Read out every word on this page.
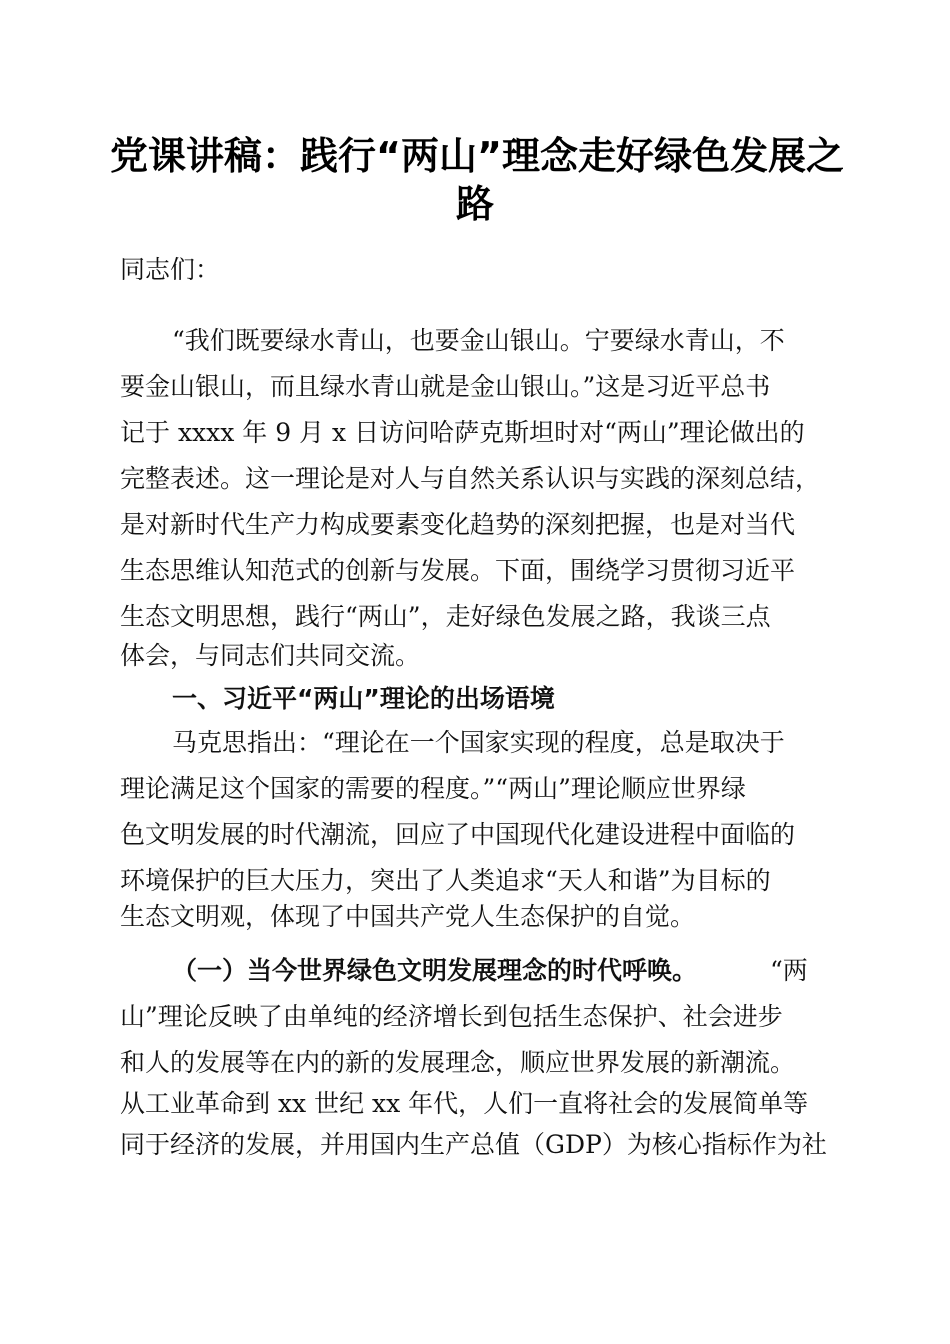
党课讲稿：践行“两山”理念走好绿色发展之
路
同志们：
“我们既要绿水青山，也要金山银山。宁要绿水青山，不
要金山银山，而且绿水青山就是金山银山。”这是习近平总书
记于 xxxx 年 9 月 x 日访问哈萨克斯坦时对“两山”理论做出的
完整表述。这一理论是对人与自然关系认识与实践的深刻总结，
是对新时代生产力构成要素变化趋势的深刻把握，也是对当代
生态思维认知范式的创新与发展。下面，围绕学习贯彻习近平
生态文明思想，践行“两山”，走好绿色发展之路，我谈三点
体会，与同志们共同交流。
一、习近平“两山”理论的出场语境
马克思指出：“理论在一个国家实现的程度，总是取决于
理论满足这个国家的需要的程度。”“两山”理论顺应世界绿
色文明发展的时代潮流，回应了中国现代化建设进程中面临的
环境保护的巨大压力，突出了人类追求“天人和谐”为目标的
生态文明观，体现了中国共产党人生态保护的自觉。
（一）当今世界绿色文明发展理念的时代呼唤。	“两
山”理论反映了由单纯的经济增长到包括生态保护、社会进步
和人的发展等在内的新的发展理念，顺应世界发展的新潮流。
从工业革命到 xx 世纪 xx 年代，人们一直将社会的发展简单等
同于经济的发展，并用国内生产总值（GDP）为核心指标作为社
